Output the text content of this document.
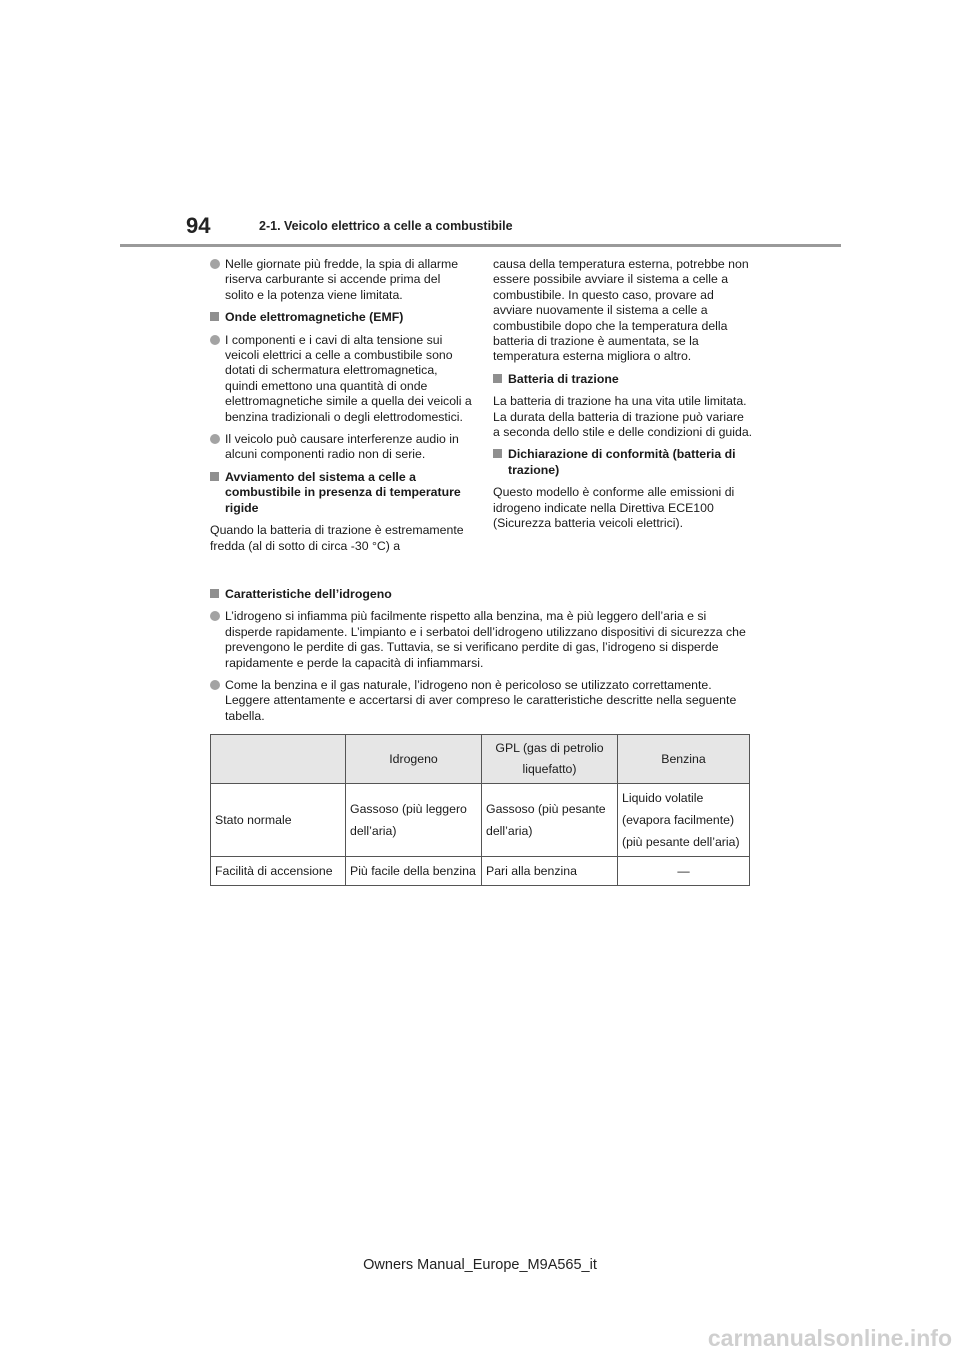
94	2-1. Veicolo elettrico a celle a combustibile
Nelle giornate più fredde, la spia di allarme riserva carburante si accende prima del solito e la potenza viene limitata.
Onde elettromagnetiche (EMF)
I componenti e i cavi di alta tensione sui veicoli elettrici a celle a combustibile sono dotati di schermatura elettromagnetica, quindi emettono una quantità di onde elettromagnetiche simile a quella dei veicoli a benzina tradizionali o degli elettrodomestici.
Il veicolo può causare interferenze audio in alcuni componenti radio non di serie.
Avviamento del sistema a celle a combustibile in presenza di temperature rigide
Quando la batteria di trazione è estremamente fredda (al di sotto di circa -30 °C) a
causa della temperatura esterna, potrebbe non essere possibile avviare il sistema a celle a combustibile. In questo caso, provare ad avviare nuovamente il sistema a celle a combustibile dopo che la temperatura della batteria di trazione è aumentata, se la temperatura esterna migliora o altro.
Batteria di trazione
La batteria di trazione ha una vita utile limitata. La durata della batteria di trazione può variare a seconda dello stile e delle condizioni di guida.
Dichiarazione di conformità (batteria di trazione)
Questo modello è conforme alle emissioni di idrogeno indicate nella Direttiva ECE100 (Sicurezza batteria veicoli elettrici).
Caratteristiche dell’idrogeno
L’idrogeno si infiamma più facilmente rispetto alla benzina, ma è più leggero dell’aria e si disperde rapidamente. L’impianto e i serbatoi dell’idrogeno utilizzano dispositivi di sicurezza che prevengono le perdite di gas. Tuttavia, se si verificano perdite di gas, l’idrogeno si disperde rapidamente e perde la capacità di infiammarsi.
Come la benzina e il gas naturale, l’idrogeno non è pericoloso se utilizzato correttamente. Leggere attentamente e accertarsi di aver compreso le caratteristiche descritte nella seguente tabella.
	Idrogeno	GPL (gas di petrolio liquefatto)	Benzina
Stato normale	Gassoso (più leggero dell’aria)	Gassoso (più pesante dell’aria)	Liquido volatile (evapora facilmente) (più pesante dell’aria)
Facilità di accensione	Più facile della benzina	Pari alla benzina	—
Owners Manual_Europe_M9A565_it
carmanualsonline.info
